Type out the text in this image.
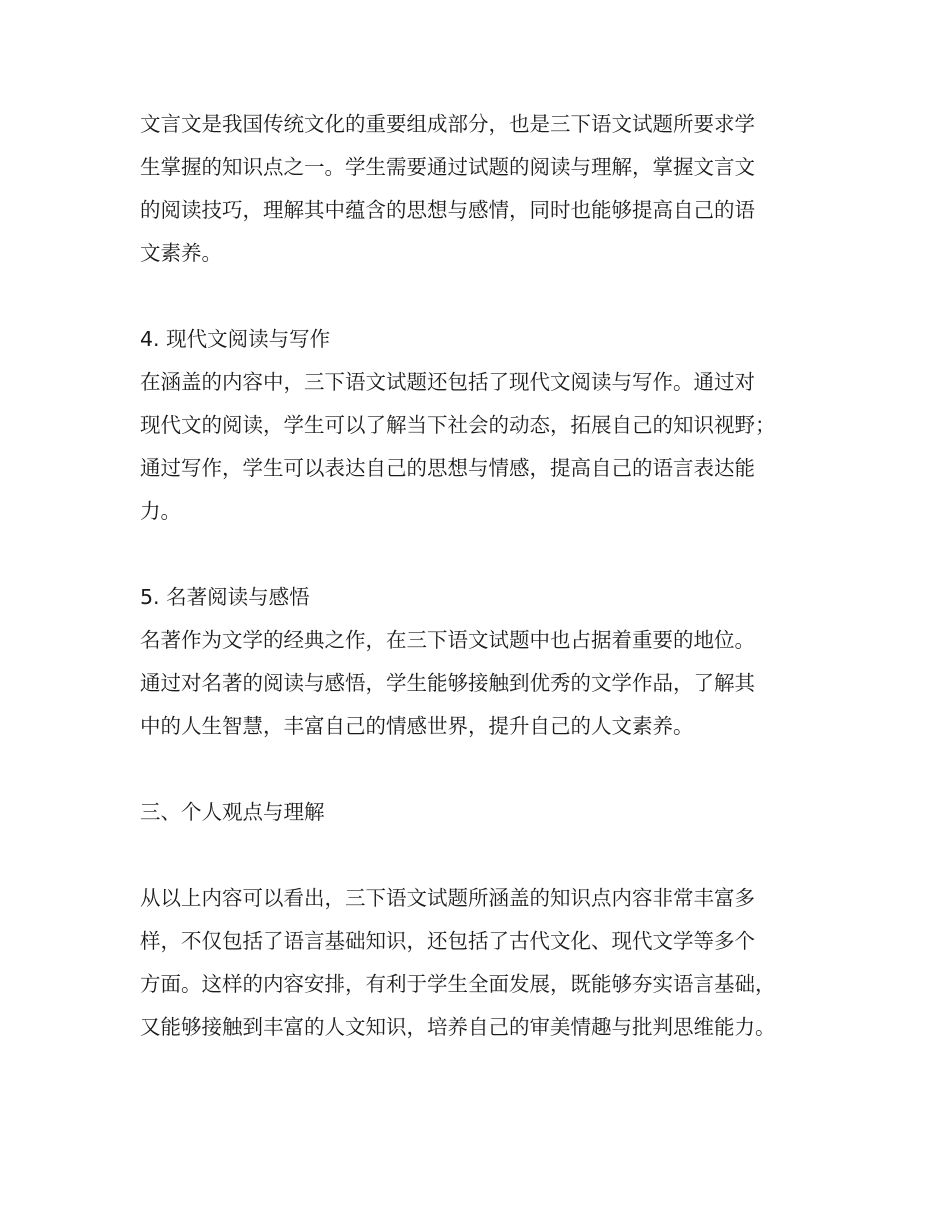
文言文是我国传统文化的重要组成部分，也是三下语文试题所要求学
生掌握的知识点之一。学生需要通过试题的阅读与理解，掌握文言文
的阅读技巧，理解其中蕴含的思想与感情，同时也能够提高自己的语
文素养。
4. 现代文阅读与写作
在涵盖的内容中，三下语文试题还包括了现代文阅读与写作。通过对
现代文的阅读，学生可以了解当下社会的动态，拓展自己的知识视野；
通过写作，学生可以表达自己的思想与情感，提高自己的语言表达能
力。
5. 名著阅读与感悟
名著作为文学的经典之作，在三下语文试题中也占据着重要的地位。
通过对名著的阅读与感悟，学生能够接触到优秀的文学作品，了解其
中的人生智慧，丰富自己的情感世界，提升自己的人文素养。
三、个人观点与理解
从以上内容可以看出，三下语文试题所涵盖的知识点内容非常丰富多
样，不仅包括了语言基础知识，还包括了古代文化、现代文学等多个
方面。这样的内容安排，有利于学生全面发展，既能够夯实语言基础，
又能够接触到丰富的人文知识，培养自己的审美情趣与批判思维能力。
